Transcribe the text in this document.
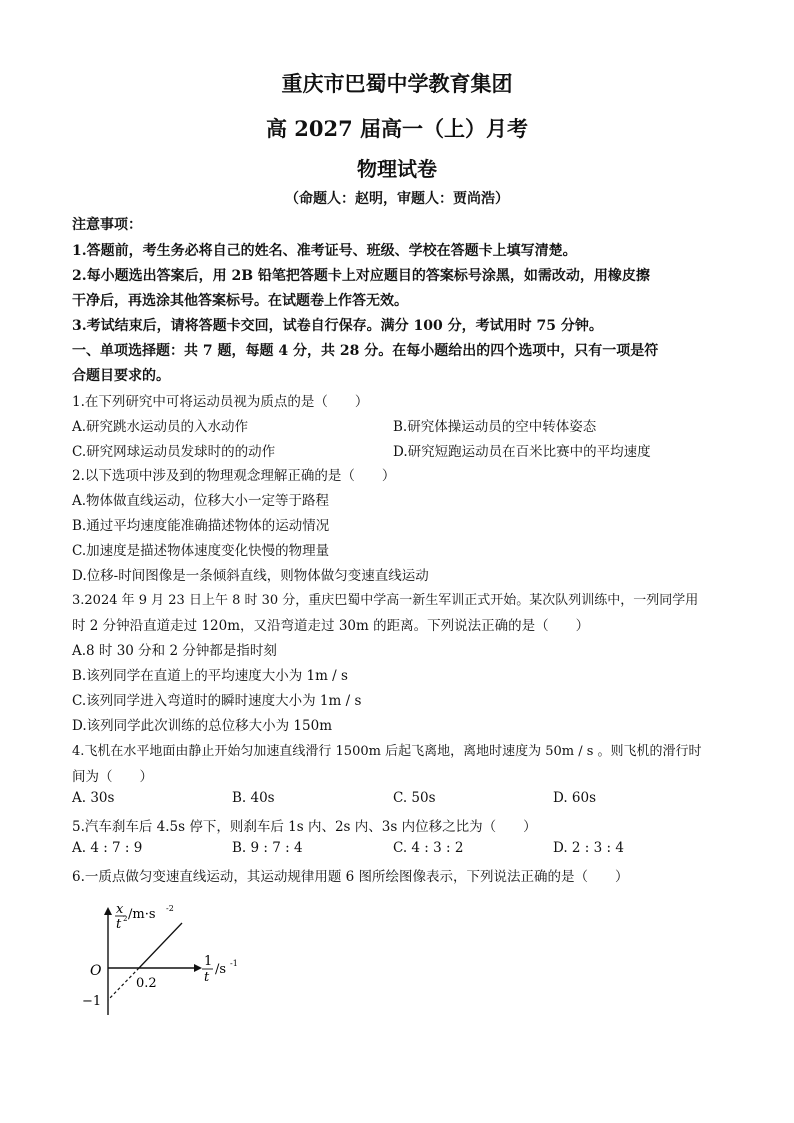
重庆市巴蜀中学教育集团
高 2027 届高一（上）月考
物理试卷
（命题人：赵明，审题人：贾尚浩）
注意事项：
1.答题前，考生务必将自己的姓名、准考证号、班级、学校在答题卡上填写清楚。
2.每小题选出答案后，用 2B 铅笔把答题卡上对应题目的答案标号涂黑，如需改动，用橡皮擦
干净后，再选涂其他答案标号。在试题卷上作答无效。
3.考试结束后，请将答题卡交回，试卷自行保存。满分 100 分，考试用时 75 分钟。
一、单项选择题：共 7 题，每题 4 分，共 28 分。在每小题给出的四个选项中，只有一项是符
合题目要求的。
1.在下列研究中可将运动员视为质点的是（　　）
A.研究跳水运动员的入水动作	B.研究体操运动员的空中转体姿态
C.研究网球运动员发球时的的动作	D.研究短跑运动员在百米比赛中的平均速度
2.以下选项中涉及到的物理观念理解正确的是（　　）
A.物体做直线运动，位移大小一定等于路程
B.通过平均速度能准确描述物体的运动情况
C.加速度是描述物体速度变化快慢的物理量
D.位移-时间图像是一条倾斜直线，则物体做匀变速直线运动
3.2024 年 9 月 23 日上午 8 时 30 分，重庆巴蜀中学高一新生军训正式开始。某次队列训练中，一列同学用
时 2 分钟沿直道走过 120m，又沿弯道走过 30m 的距离。下列说法正确的是（　　）
A.8 时 30 分和 2 分钟都是指时刻
B.该列同学在直道上的平均速度大小为 1m / s
C.该列同学进入弯道时的瞬时速度大小为 1m / s
D.该列同学此次训练的总位移大小为 150m
4.飞机在水平地面由静止开始匀加速直线滑行 1500m 后起飞离地，离地时速度为 50m / s 。则飞机的滑行时
间为（　　）
A. 30s	B. 40s	C. 50s	D. 60s
5.汽车刹车后 4.5s 停下，则刹车后 1s 内、2s 内、3s 内位移之比为（　　）
A. 4 : 7 : 9	B. 9 : 7 : 4	C. 4 : 3 : 2	D. 2 : 3 : 4
6.一质点做匀变速直线运动，其运动规律用题 6 图所绘图像表示，下列说法正确的是（　　）
x
t 2 /m·s -2
1
t
/s -1
O
0.2
−1
